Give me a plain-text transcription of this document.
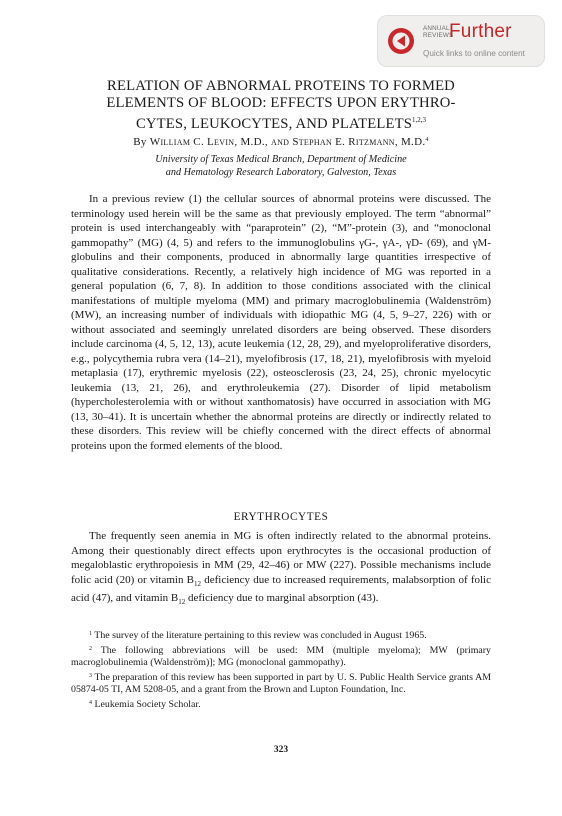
ANNUAL
REVIEWS
Further
Quick links to online content
RELATION OF ABNORMAL PROTEINS TO FORMED
ELEMENTS OF BLOOD: EFFECTS UPON ERYTHRO-
CYTES, LEUKOCYTES, AND PLATELETS$^{1,2,3}$
By William C. Levin, M.D., and Stephan E. Ritzmann, M.D.$^4$
University of Texas Medical Branch, Department of Medicine
and Hematology Research Laboratory, Galveston, Texas

In a previous review (1) the cellular sources of abnormal proteins were discussed. The terminology used herein will be the same as that previously employed. The term “abnormal” protein is used interchangeably with “paraprotein” (2), “M”-protein (3), and “monoclonal gammopathy” (MG) (4, 5) and refers to the immunoglobulins γG-, γA-, γD- (69), and γM-globulins and their components, produced in abnormally large quantities irrespective of qualitative considerations. Recently, a relatively high incidence of MG was reported in a general population (6, 7, 8). In addition to those conditions associated with the clinical manifestations of multiple myeloma (MM) and primary macroglobulinemia (Waldenström) (MW), an increasing number of individuals with idiopathic MG (4, 5, 9–27, 226) with or without associated and seemingly unrelated disorders are being observed. These disorders include carcinoma (4, 5, 12, 13), acute leukemia (12, 28, 29), and myeloproliferative disorders, e.g., polycythemia rubra vera (14–21), myelofibrosis (17, 18, 21), myelofibrosis with myeloid metaplasia (17), erythremic myelosis (22), osteosclerosis (23, 24, 25), chronic myelocytic leukemia (13, 21, 26), and erythroleukemia (27). Disorder of lipid metabolism (hypercholesterolemia with or without xanthomatosis) have occurred in association with MG (13, 30–41). It is uncertain whether the abnormal proteins are directly or indirectly related to these disorders. This review will be chiefly concerned with the direct effects of abnormal proteins upon the formed elements of the blood.

ERYTHROCYTES

The frequently seen anemia in MG is often indirectly related to the abnormal proteins. Among their questionably direct effects upon erythrocytes is the occasional production of megaloblastic erythropoiesis in MM (29, 42–46) or MW (227). Possible mechanisms include folic acid (20) or vitamin $B_{12}$ deficiency due to increased requirements, malabsorption of folic acid (47), and vitamin $B_{12}$ deficiency due to marginal absorption (43).

$^1$ The survey of the literature pertaining to this review was concluded in August 1965.

$^2$ The following abbreviations will be used: MM (multiple myeloma); MW (primary macroglobulinemia (Waldenström)]; MG (monoclonal gammopathy).

$^3$ The preparation of this review has been supported in part by U. S. Public Health Service grants AM 05874-05 TI, AM 5208-05, and a grant from the Brown and Lupton Foundation, Inc.

$^4$ Leukemia Society Scholar.

323
